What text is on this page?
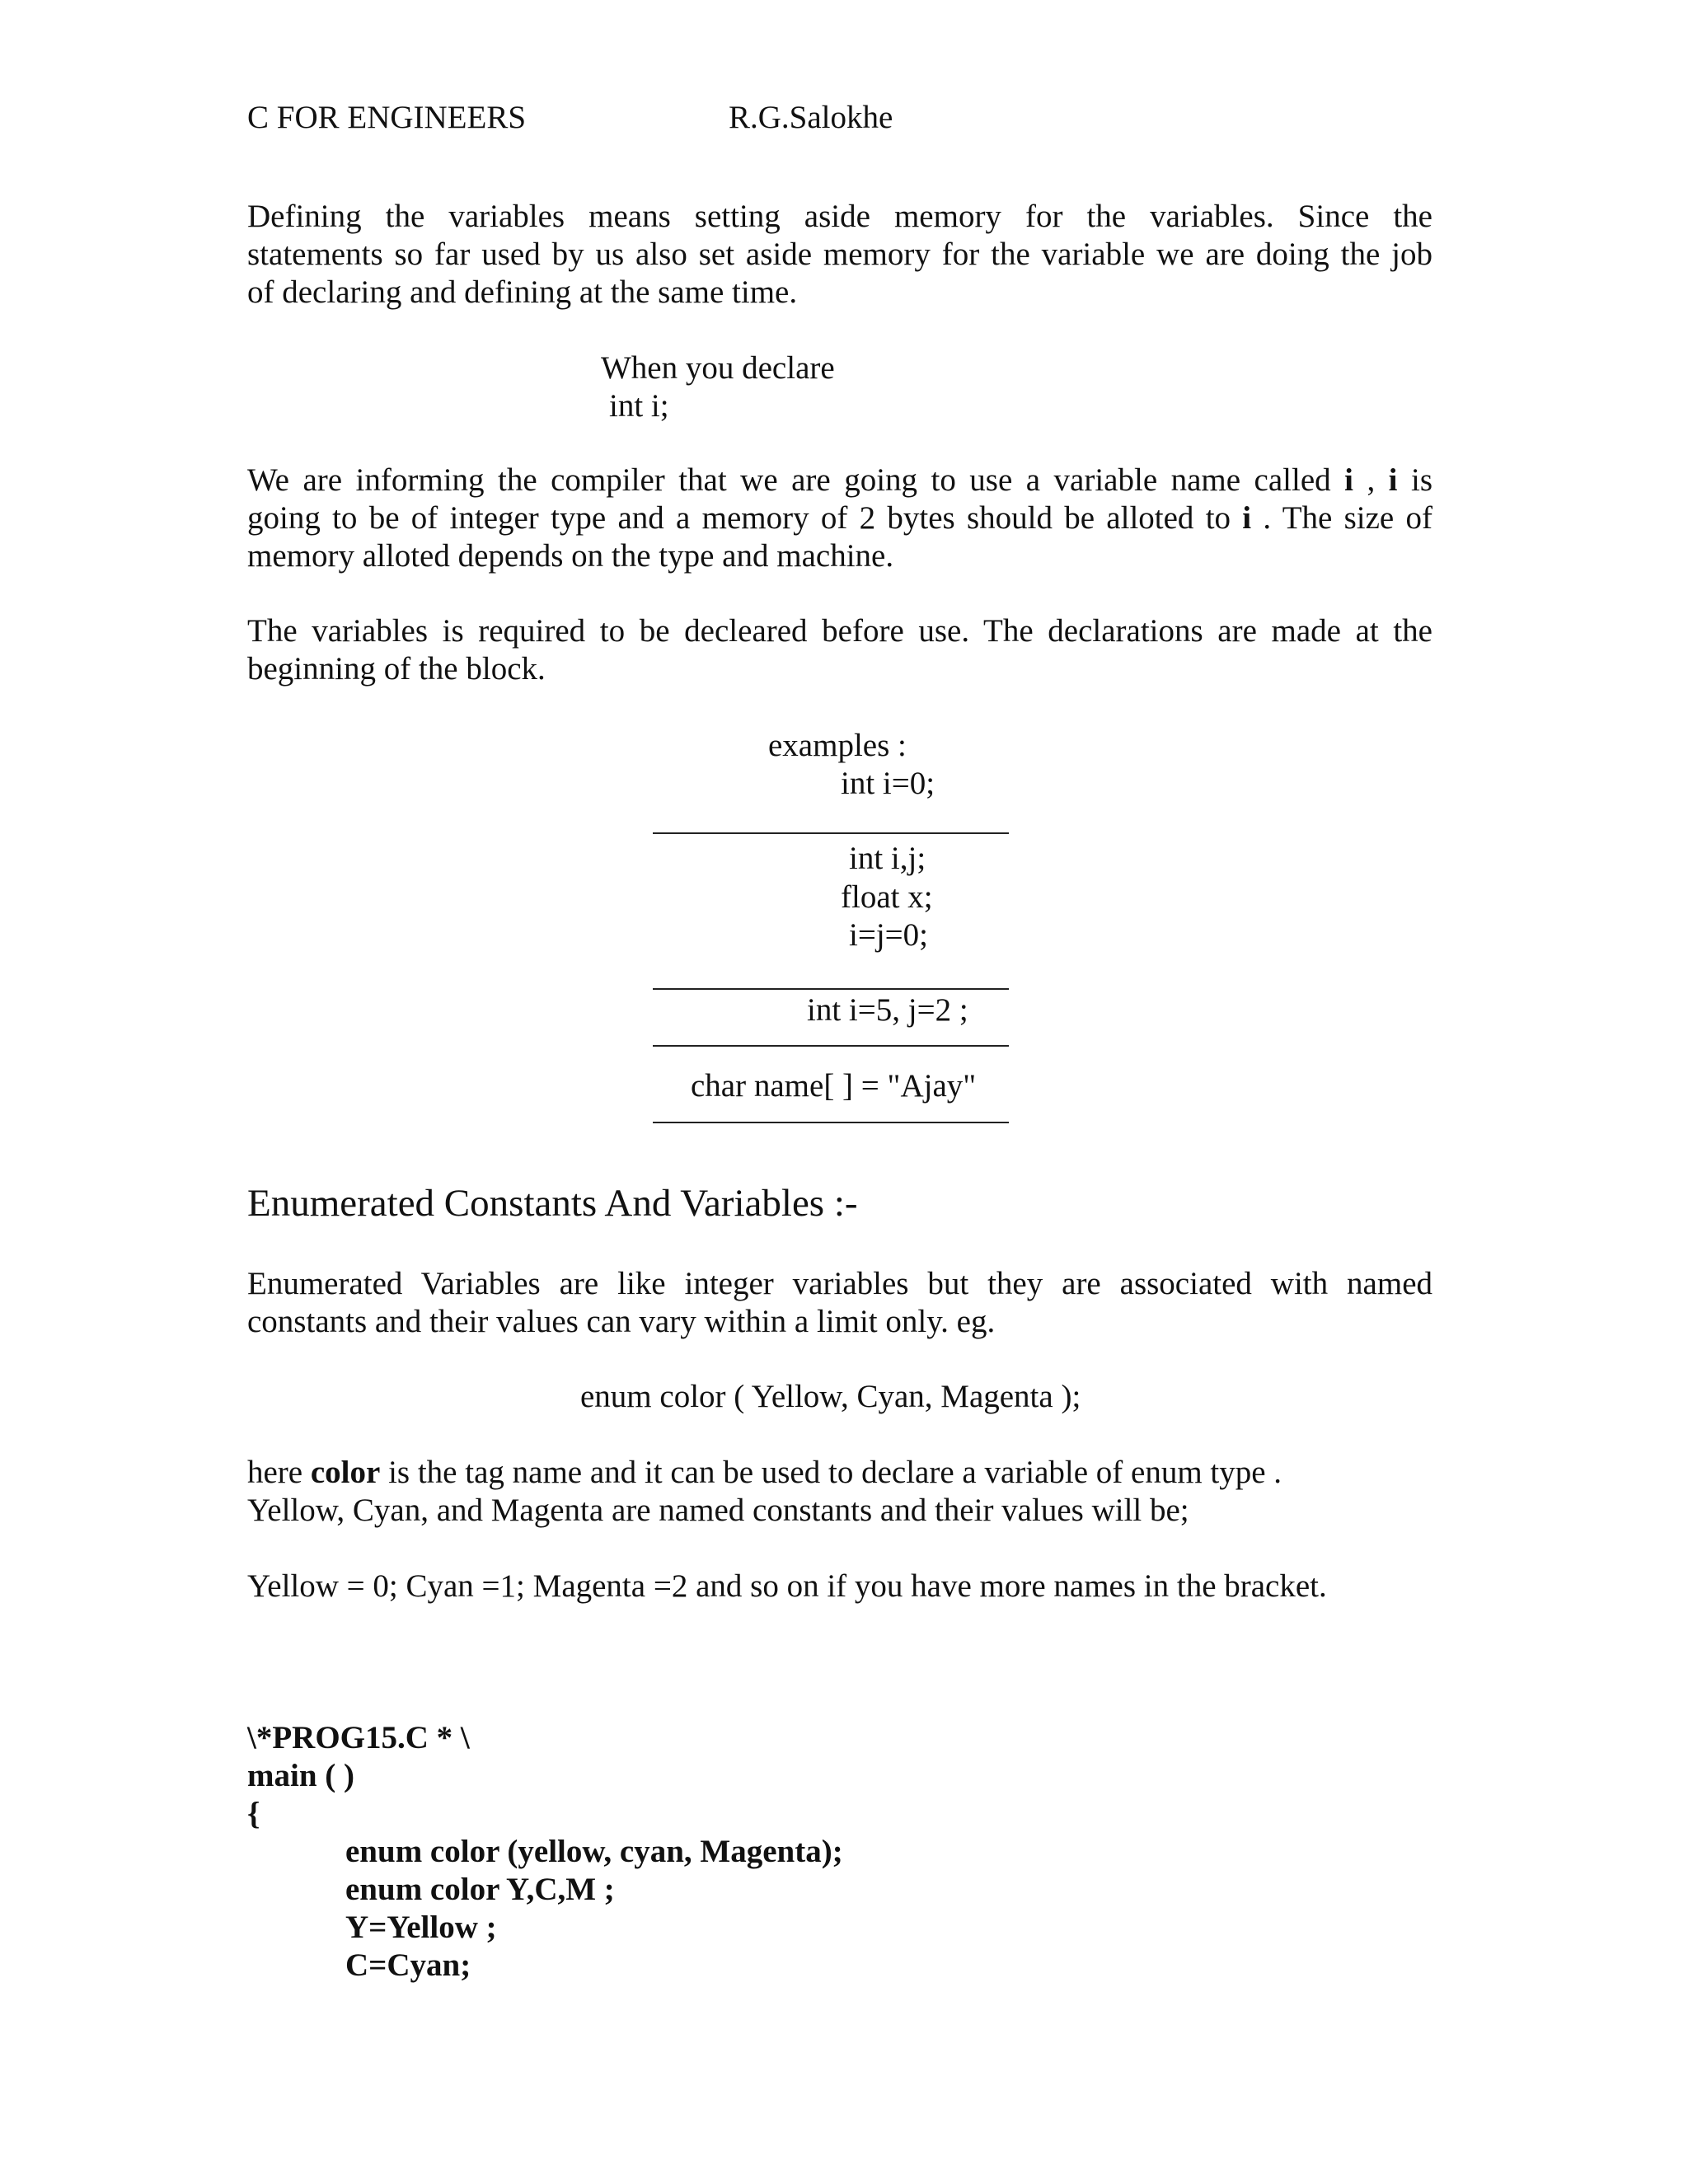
C FOR ENGINEERS	R.G.Salokhe
Defining the variables means setting aside memory for the variables. Since the
statements so far used by us also set aside memory for the variable we are doing the job
of declaring and defining at the same time.
When you declare
int i;
We are informing the compiler that we are going to use a variable name called i , i is
going to be of integer type and a memory of 2 bytes should be alloted to i . The size of
memory alloted depends on the type and machine.
The variables is required to be decleared before use. The declarations are made at the
beginning of the block.
examples :
int i=0;
int i,j;
float x;
i=j=0;
int i=5, j=2 ;
char name[ ] = "Ajay"
Enumerated Constants And Variables :-
Enumerated Variables are like integer variables but they are associated with named
constants and their values can vary within a limit only. eg.
enum color ( Yellow, Cyan, Magenta );
here color is the tag name and it can be used to declare a variable of enum type .
Yellow, Cyan, and Magenta are named constants and their values will be;
Yellow = 0; Cyan =1; Magenta =2 and so on if you have more names in the bracket.
\*PROG15.C * \
main ( )
{
enum color (yellow, cyan, Magenta);
enum color Y,C,M ;
Y=Yellow ;
C=Cyan;
